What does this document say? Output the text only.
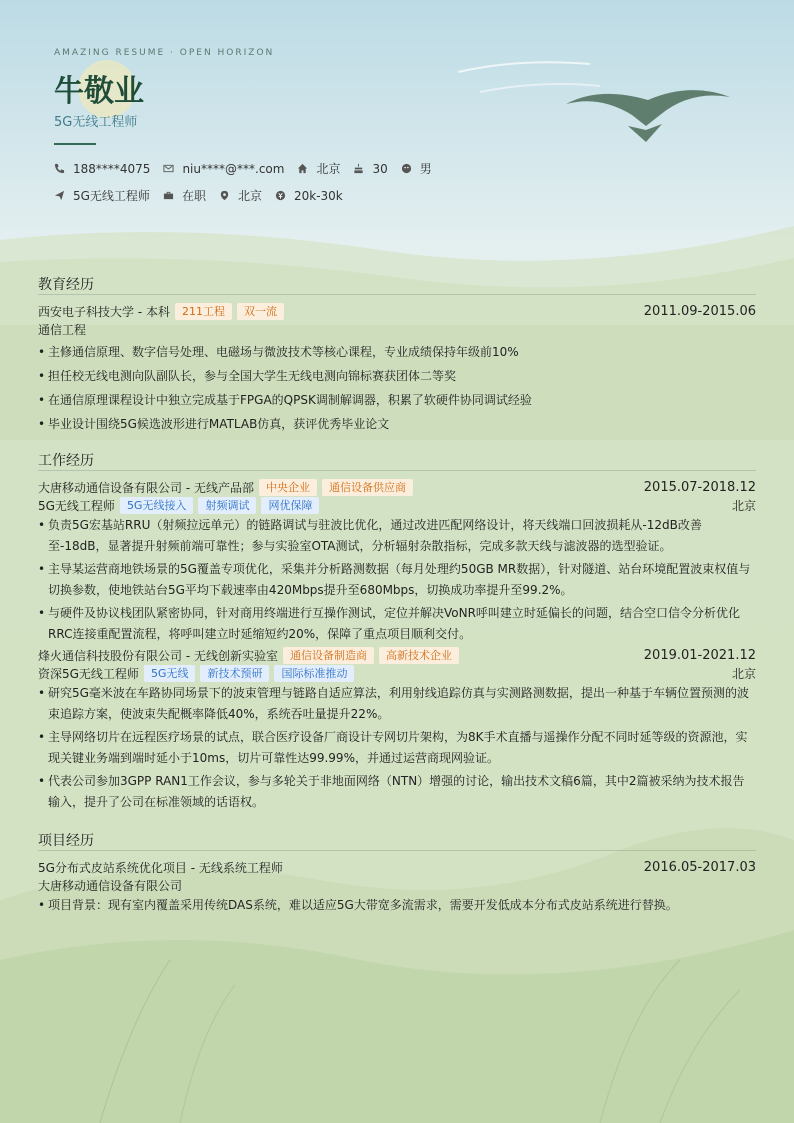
AMAZING RESUME · OPEN HORIZON
牛敬业
5G无线工程师
188****4075	niu****@***.com	北京	30	男
5G无线工程师	在职	北京	20k-30k
教育经历
西安电子科技大学 - 本科	211工程	双一流	2011.09-2015.06
通信工程
• 主修通信原理、数字信号处理、电磁场与微波技术等核心课程，专业成绩保持年级前10%
• 担任校无线电测向队副队长，参与全国大学生无线电测向锦标赛获团体二等奖
• 在通信原理课程设计中独立完成基于FPGA的QPSK调制解调器，积累了软硬件协同调试经验
• 毕业设计围绕5G候选波形进行MATLAB仿真，获评优秀毕业论文
工作经历
大唐移动通信设备有限公司 - 无线产品部	中央企业	通信设备供应商	2015.07-2018.12
5G无线工程师	5G无线接入	射频调试	网优保障	北京
• 负责5G宏基站RRU（射频拉远单元）的链路调试与驻波比优化，通过改进匹配网络设计，将天线端口回波损耗从-12dB改善至-18dB，显著提升射频前端可靠性；参与实验室OTA测试，分析辐射杂散指标，完成多款天线与滤波器的选型验证。
• 主导某运营商地铁场景的5G覆盖专项优化，采集并分析路测数据（每月处理约50GB MR数据），针对隧道、站台环境配置波束权值与切换参数，使地铁站台5G平均下载速率由420Mbps提升至680Mbps，切换成功率提升至99.2%。
• 与硬件及协议栈团队紧密协同，针对商用终端进行互操作测试，定位并解决VoNR呼叫建立时延偏长的问题，结合空口信令分析优化RRC连接重配置流程，将呼叫建立时延缩短约20%，保障了重点项目顺利交付。
烽火通信科技股份有限公司 - 无线创新实验室	通信设备制造商	高新技术企业	2019.01-2021.12
资深5G无线工程师	5G无线	新技术预研	国际标准推动	北京
• 研究5G毫米波在车路协同场景下的波束管理与链路自适应算法，利用射线追踪仿真与实测路测数据，提出一种基于车辆位置预测的波束追踪方案，使波束失配概率降低40%，系统吞吐量提升22%。
• 主导网络切片在远程医疗场景的试点，联合医疗设备厂商设计专网切片架构，为8K手术直播与遥操作分配不同时延等级的资源池，实现关键业务端到端时延小于10ms，切片可靠性达99.99%，并通过运营商现网验证。
• 代表公司参加3GPP RAN1工作会议，参与多轮关于非地面网络（NTN）增强的讨论，输出技术文稿6篇，其中2篇被采纳为技术报告输入，提升了公司在标准领域的话语权。
项目经历
5G分布式皮站系统优化项目 - 无线系统工程师	2016.05-2017.03
大唐移动通信设备有限公司
• 项目背景：现有室内覆盖采用传统DAS系统，难以适应5G大带宽多流需求，需要开发低成本分布式皮站系统进行替换。
